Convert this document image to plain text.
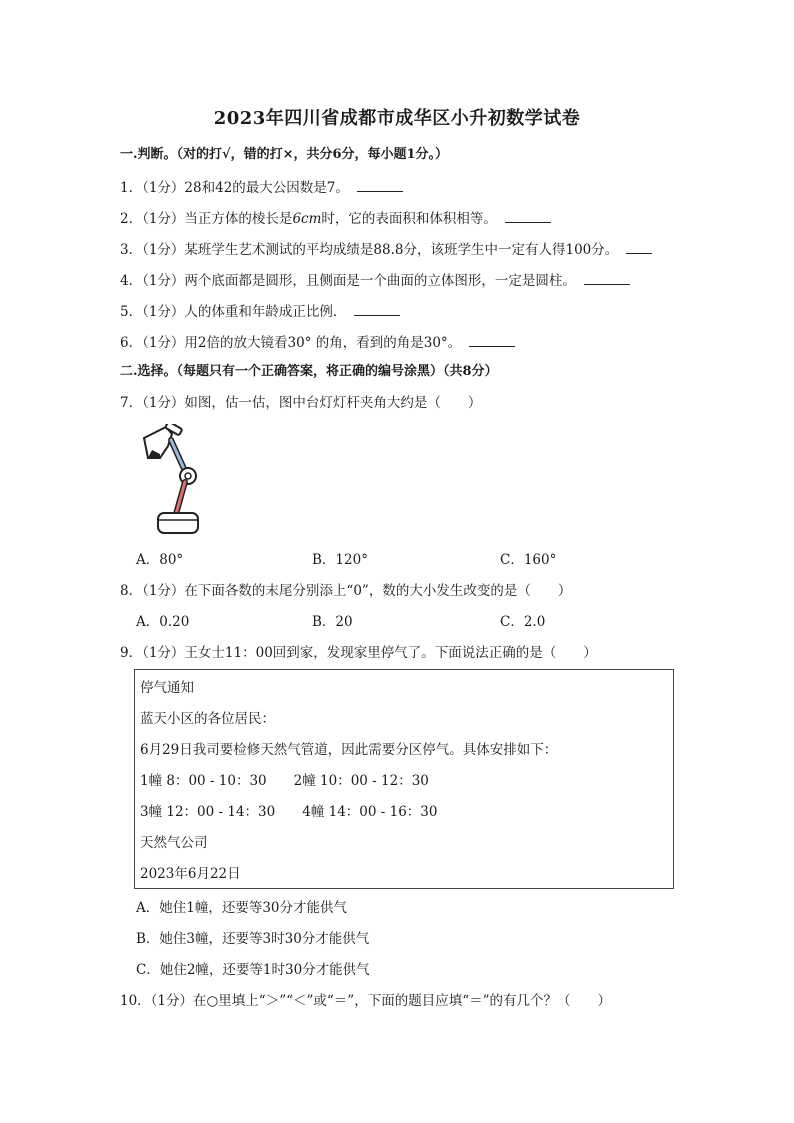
2023年四川省成都市成华区小升初数学试卷
一.判断。（对的打√，错的打×，共分6分，每小题1分。）
1．（1分）28和42的最大公因数是7。
2．（1分）当正方体的棱长是6cm时，它的表面积和体积相等。
3．（1分）某班学生艺术测试的平均成绩是88.8分，该班学生中一定有人得100分。
4．（1分）两个底面都是圆形，且侧面是一个曲面的立体图形，一定是圆柱。
5．（1分）人的体重和年龄成正比例．
6．（1分）用2倍的放大镜看30° 的角，看到的角是30°。
二.选择。（每题只有一个正确答案，将正确的编号涂黑）（共8分）
7．（1分）如图，估一估，图中台灯灯杆夹角大约是（　　）
A．80°	B．120°	C．160°
8．（1分）在下面各数的末尾分别添上“0”，数的大小发生改变的是（　　）
A．0.20	B．20	C．2.0
9．（1分）王女士11：00回到家，发现家里停气了。下面说法正确的是（　　）
停气通知
蓝天小区的各位居民：
6月29日我司要检修天然气管道，因此需要分区停气。具体安排如下：
1幢 8：00 - 10：30　　2幢 10：00 - 12：30
3幢 12：00 - 14：30　　4幢 14：00 - 16：30
天然气公司
2023年6月22日
A．她住1幢，还要等30分才能供气
B．她住3幢，还要等3时30分才能供气
C．她住2幢，还要等1时30分才能供气
10．（1分）在○里填上“＞”“＜”或“＝”，下面的题目应填“＝”的有几个？（　　）
